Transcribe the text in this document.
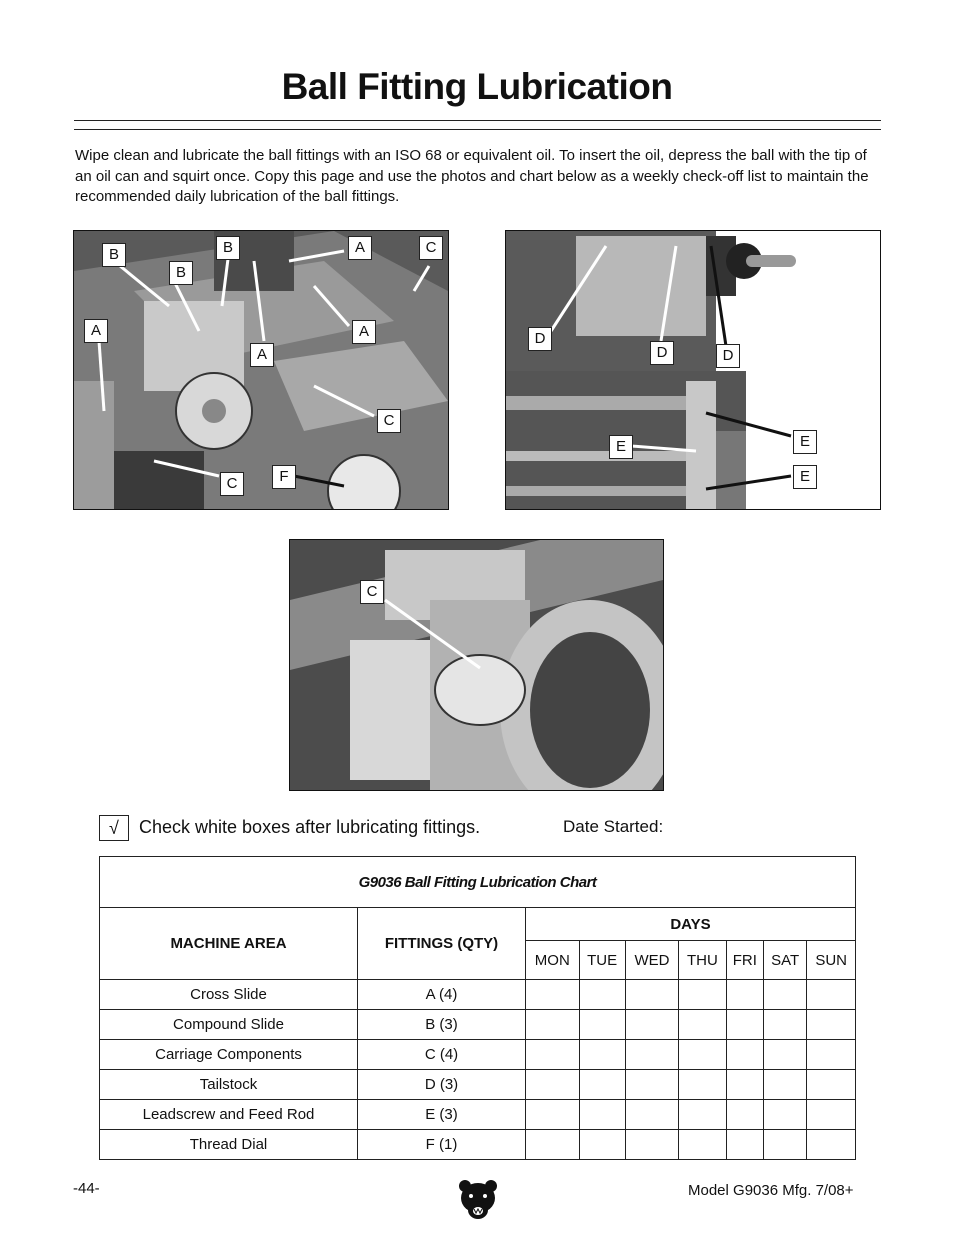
Ball Fitting Lubrication
Wipe clean and lubricate the ball fittings with an ISO 68 or equivalent oil. To insert the oil, depress the ball with the tip of an oil can and squirt once. Copy this page and use the photos and chart below as a weekly check-off list to maintain the recommended daily lubrication of the ball fittings.
B
B
B	A	C
A
A
A
C
C	F
D
D	D
E	E
E
C
√	Check white boxes after lubricating fittings.	Date Started:
G9036 Ball Fitting Lubrication Chart								
MACHINE AREA	FITTINGS (QTY)	DAYS						
		MON	TUE	WED	THU	FRI	SAT	SUN
Cross Slide	A (4)							
Compound Slide	B (3)							
Carriage Components	C (4)							
Tailstock	D (3)							
Leadscrew and Feed Rod	E (3)							
Thread Dial	F (1)							
-44-	Model G9036 Mfg. 7/08+
